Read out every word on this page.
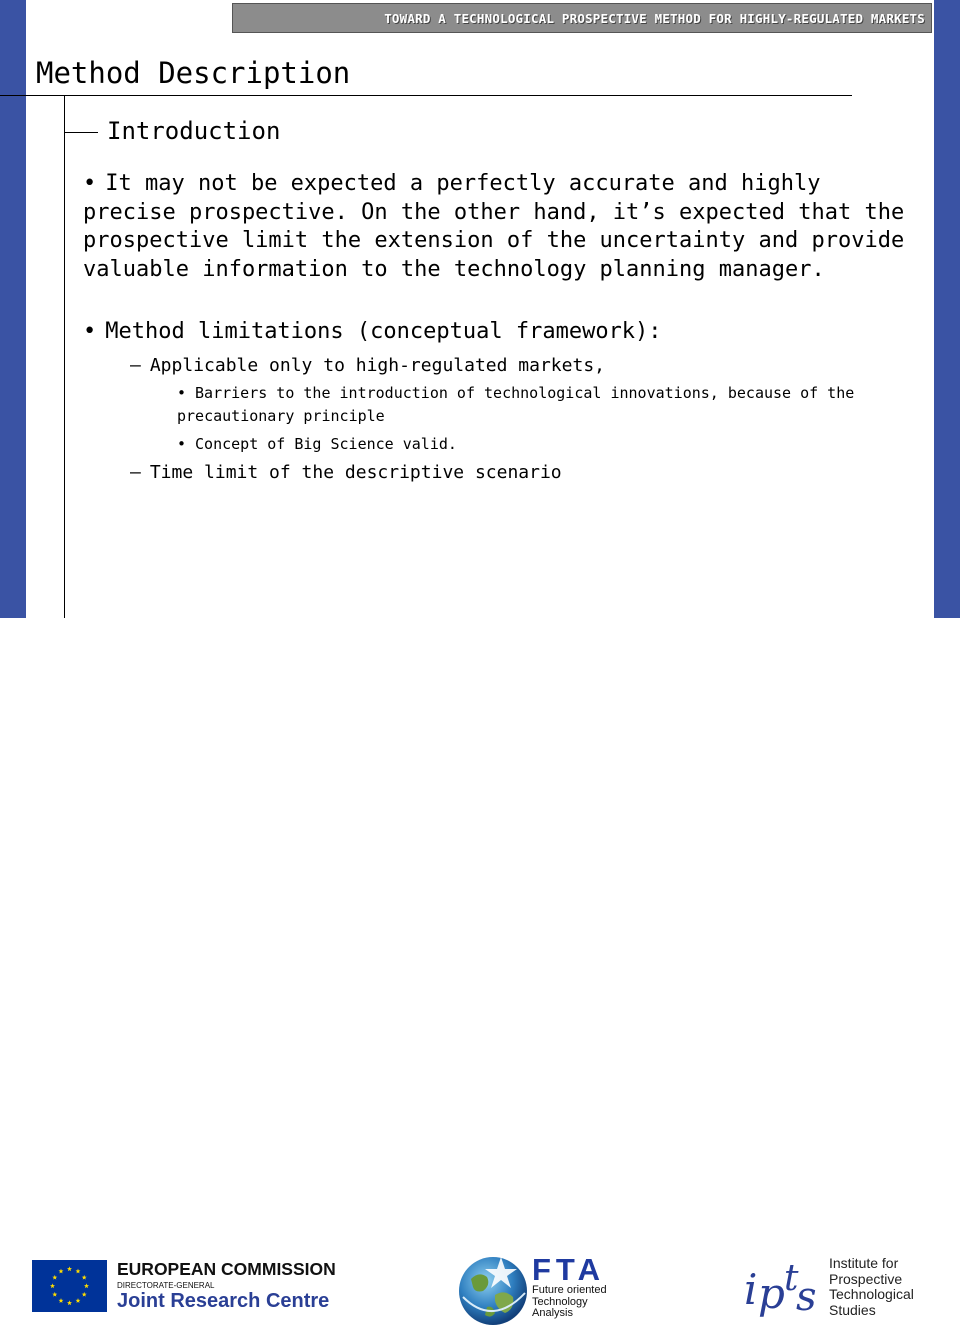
Method Description
Introduction
• It may not be expected a perfectly accurate and highly precise prospective. On the other hand, it’s expected that the prospective limit the extension of the uncertainty and provide valuable information to the technology planning manager.
• Method limitations (conceptual framework):
– Applicable only to high-regulated markets,
• Barriers to the introduction of technological innovations, because of the precautionary principle
• Concept of Big Science valid.
– Time limit of the descriptive scenario
TOWARD A TECHNOLOGICAL PROSPECTIVE METHOD FOR HIGHLY-REGULATED MARKETS
EUROPEAN COMMISSION
DIRECTORATE-GENERAL
Joint Research Centre
FTA
Future oriented
Technology
Analysis	i p t
s
Institute for
Prospective
Technological
Studies
